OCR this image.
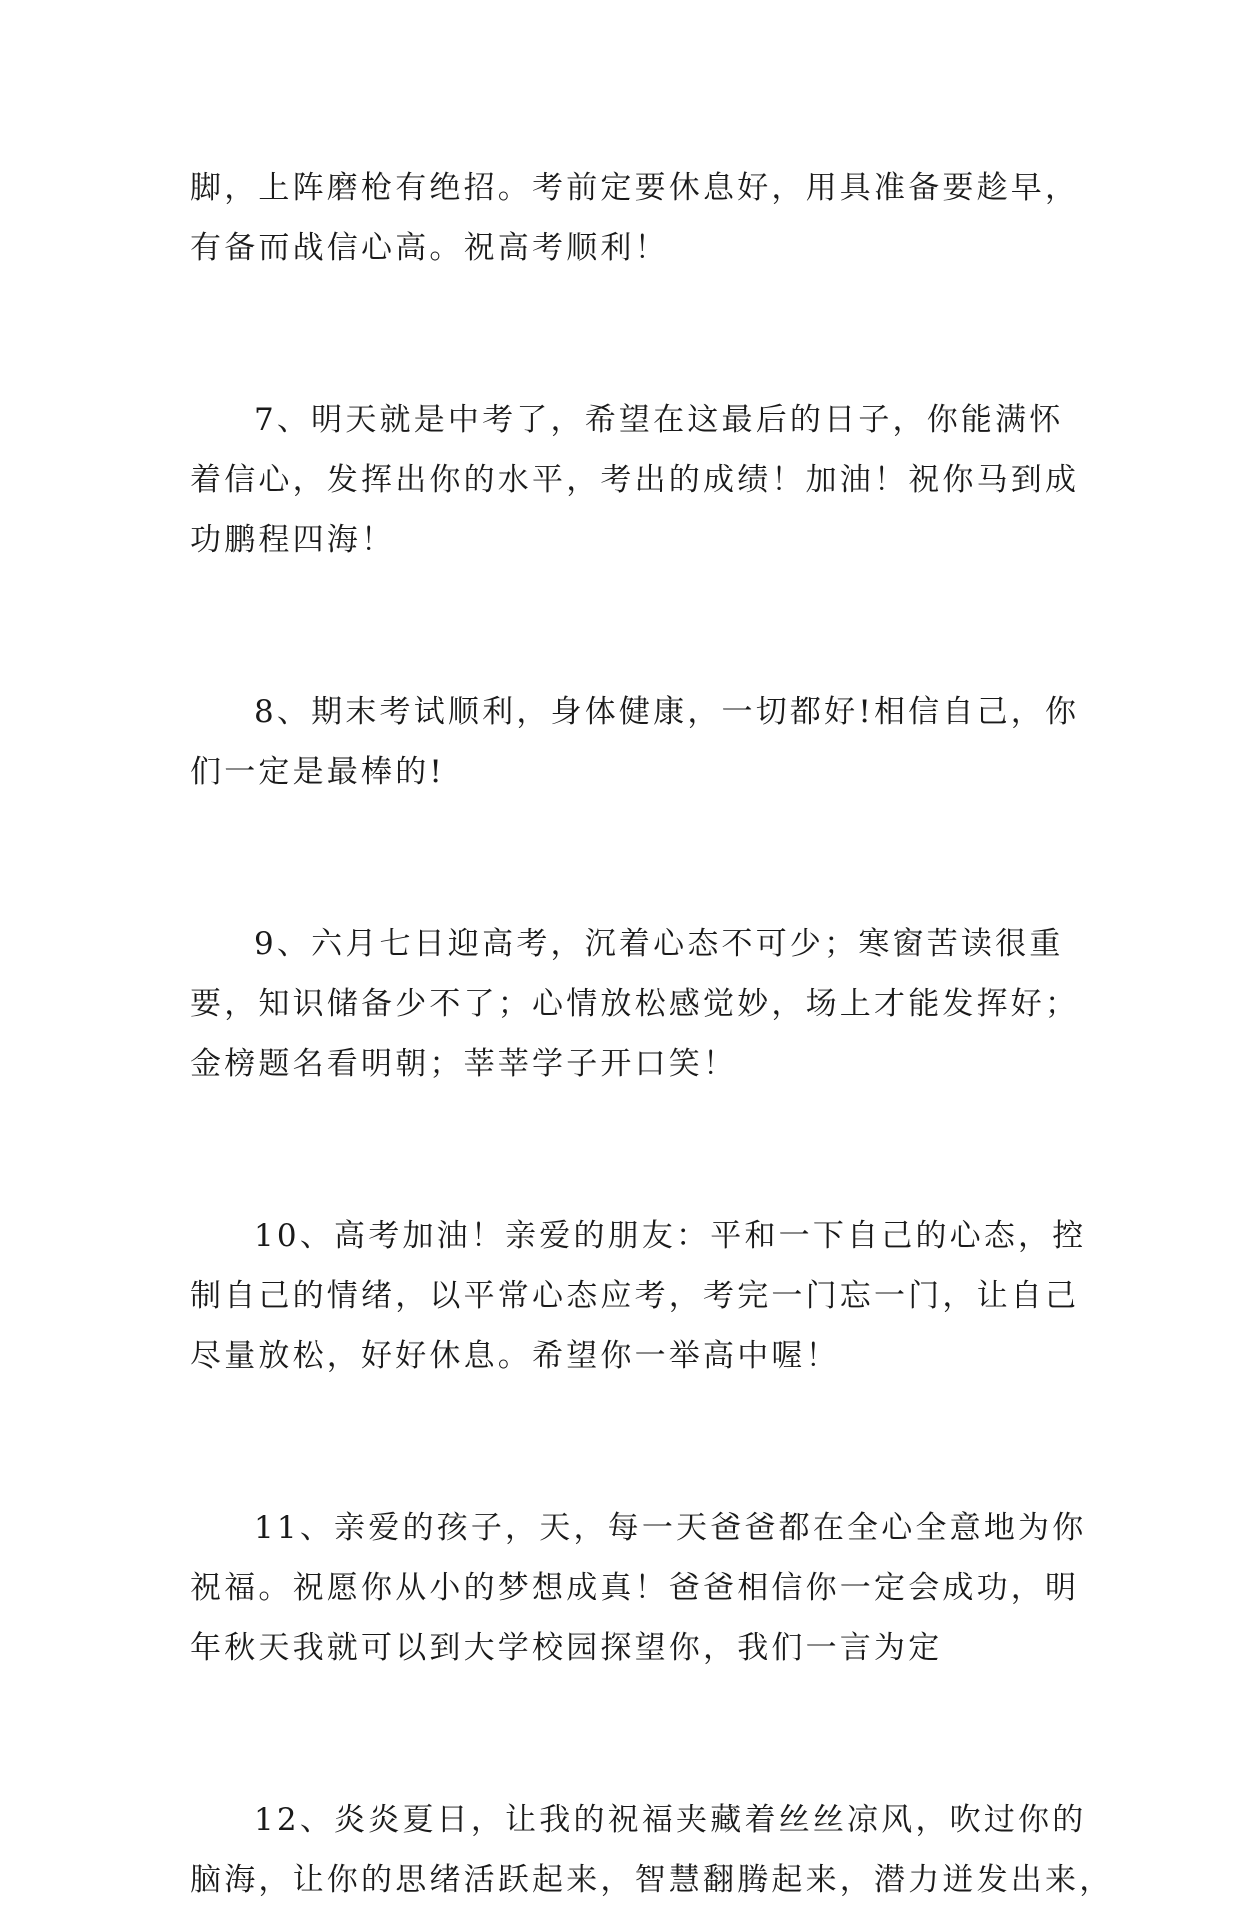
脚，上阵磨枪有绝招。考前定要休息好，用具准备要趁早，
有备而战信心高。祝高考顺利！

7、明天就是中考了，希望在这最后的日子，你能满怀
着信心，发挥出你的水平，考出的成绩！加油！祝你马到成
功鹏程四海！

8、期末考试顺利，身体健康，一切都好!相信自己，你
们一定是最棒的!

9、六月七日迎高考，沉着心态不可少；寒窗苦读很重
要，知识储备少不了；心情放松感觉妙，场上才能发挥好；
金榜题名看明朝；莘莘学子开口笑！

10、高考加油！亲爱的朋友：平和一下自己的心态，控
制自己的情绪，以平常心态应考，考完一门忘一门，让自己
尽量放松，好好休息。希望你一举高中喔！

11、亲爱的孩子，天，每一天爸爸都在全心全意地为你
祝福。祝愿你从小的梦想成真！爸爸相信你一定会成功，明
年秋天我就可以到大学校园探望你，我们一言为定

12、炎炎夏日，让我的祝福夹藏着丝丝凉风，吹过你的
脑海，让你的思绪活跃起来，智慧翻腾起来，潜力迸发出来，
